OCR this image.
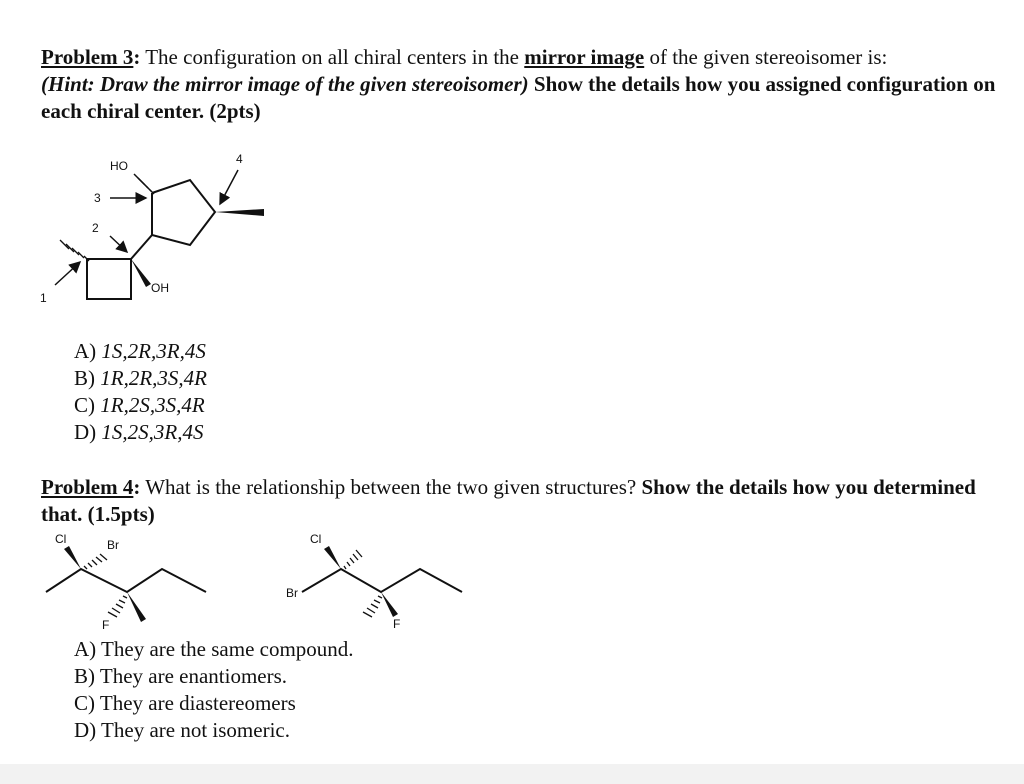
Problem 3: The configuration on all chiral centers in the mirror image of the given stereoisomer is:
(Hint: Draw the mirror image of the given stereoisomer) Show the details how you assigned configuration on each chiral center. (2pts)
HO
OH
1
2
3
4
A) 1S,2R,3R,4S
B) 1R,2R,3S,4R
C) 1R,2S,3S,4R
D) 1S,2S,3R,4S
Problem 4: What is the relationship between the two given structures? Show the details how you determined that. (1.5pts)
Cl	Br
F
Cl
Br
F
A) They are the same compound.
B) They are enantiomers.
C) They are diastereomers
D) They are not isomeric.
